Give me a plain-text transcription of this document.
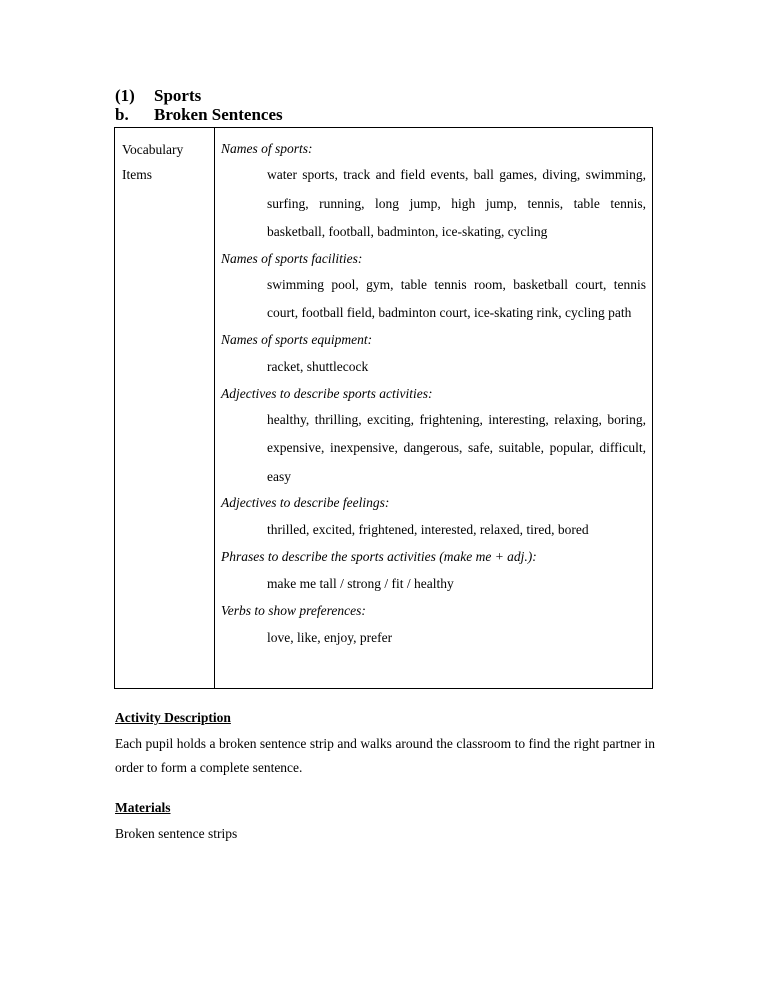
(1) Sports
b. Broken Sentences
Vocabulary
Items

Names of sports:

water sports, track and field events, ball games, diving, swimming, surfing, running, long jump, high jump, tennis, table tennis, basketball, football, badminton, ice-skating, cycling

Names of sports facilities:

swimming pool, gym, table tennis room, basketball court, tennis court, football field, badminton court, ice-skating rink, cycling path

Names of sports equipment:

racket, shuttlecock

Adjectives to describe sports activities:

healthy, thrilling, exciting, frightening, interesting, relaxing, boring, expensive, inexpensive, dangerous, safe, suitable, popular, difficult, easy

Adjectives to describe feelings:

thrilled, excited, frightened, interested, relaxed, tired, bored

Phrases to describe the sports activities (make me + adj.):

make me tall / strong / fit / healthy

Verbs to show preferences:

love, like, enjoy, prefer

Activity Description
Each pupil holds a broken sentence strip and walks around the classroom to find the right partner in order to form a complete sentence.
Materials
Broken sentence strips
